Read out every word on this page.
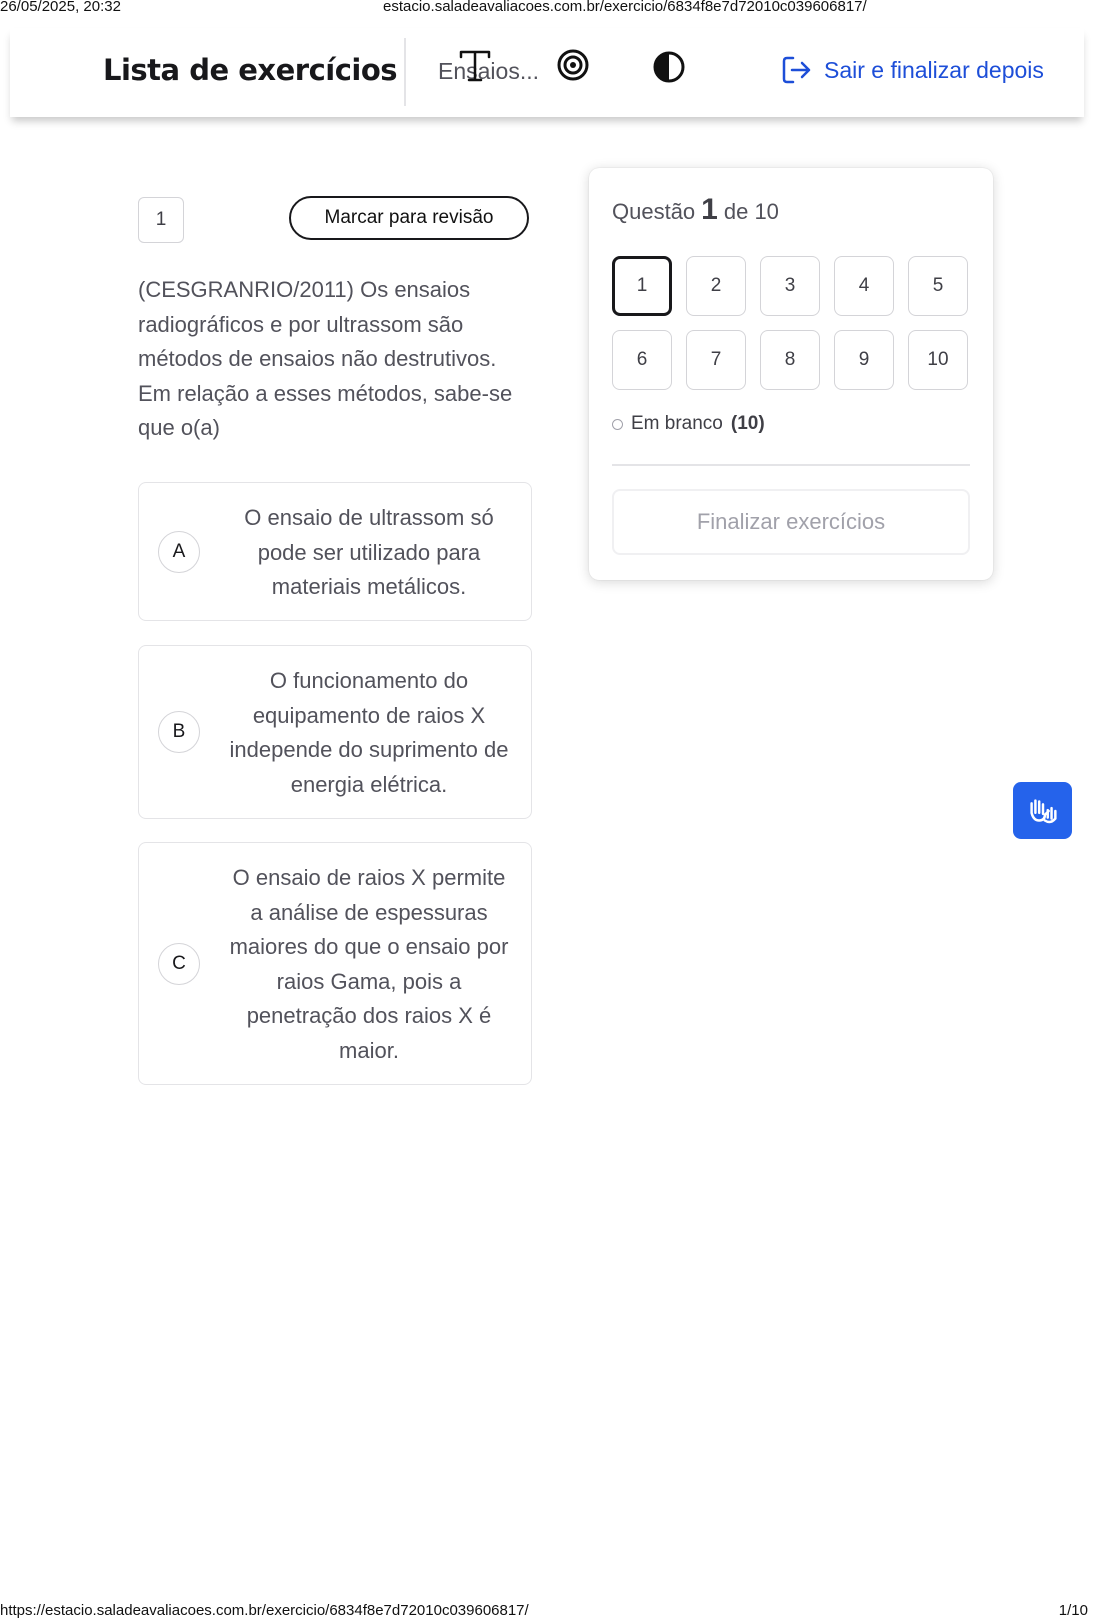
26/05/2025, 20:32	estacio.saladeavaliacoes.com.br/exercicio/6834f8e7d72010c039606817/
Lista de exercícios Ensaios...	Sair e finalizar depois
1	Marcar para revisão
(CESGRANRIO/2011) Os ensaios radiográficos e por ultrassom são métodos de ensaios não destrutivos. Em relação a esses métodos, sabe-se que o(a)
A
O ensaio de ultrassom só pode ser utilizado para materiais metálicos.
B
O funcionamento do equipamento de raios X independe do suprimento de energia elétrica.
C
O ensaio de raios X permite a análise de espessuras maiores do que o ensaio por raios Gama, pois a penetração dos raios X é maior.
Questão 1 de 10
1	2	3	4	5
6	7	8	9	10
Em branco (10)
Finalizar exercícios
https://estacio.saladeavaliacoes.com.br/exercicio/6834f8e7d72010c039606817/	1/10
